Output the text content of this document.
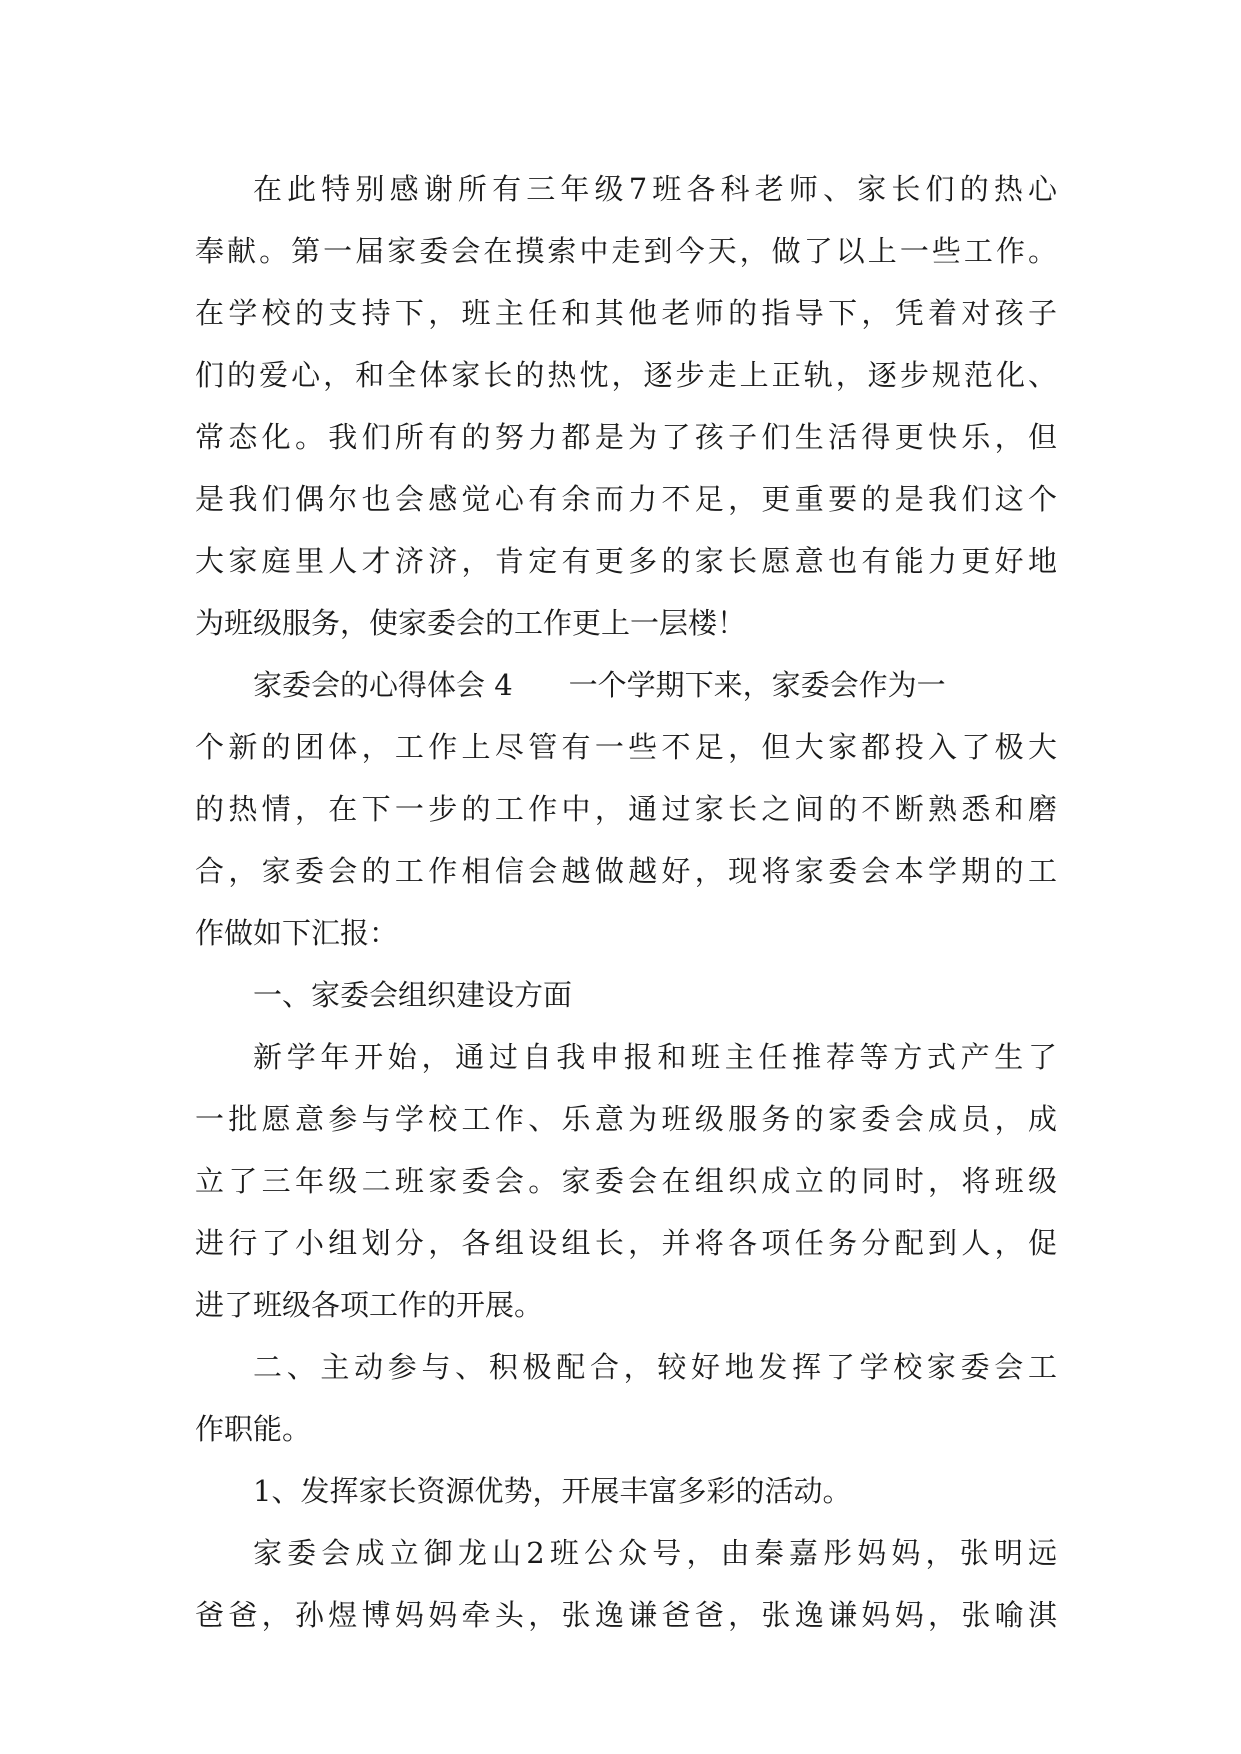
在此特别感谢所有三年级7班各科老师、家长们的热心
奉献。第一届家委会在摸索中走到今天，做了以上一些工作。
在学校的支持下，班主任和其他老师的指导下，凭着对孩子
们的爱心，和全体家长的热忱，逐步走上正轨，逐步规范化、
常态化。我们所有的努力都是为了孩子们生活得更快乐，但
是我们偶尔也会感觉心有余而力不足，更重要的是我们这个
大家庭里人才济济，肯定有更多的家长愿意也有能力更好地
为班级服务，使家委会的工作更上一层楼！
家委会的心得体会 4 一个学期下来，家委会作为一
个新的团体，工作上尽管有一些不足，但大家都投入了极大
的热情，在下一步的工作中，通过家长之间的不断熟悉和磨
合，家委会的工作相信会越做越好，现将家委会本学期的工
作做如下汇报：
一、家委会组织建设方面
新学年开始，通过自我申报和班主任推荐等方式产生了
一批愿意参与学校工作、乐意为班级服务的家委会成员，成
立了三年级二班家委会。家委会在组织成立的同时，将班级
进行了小组划分，各组设组长，并将各项任务分配到人，促
进了班级各项工作的开展。
二、主动参与、积极配合，较好地发挥了学校家委会工
作职能。
1、发挥家长资源优势，开展丰富多彩的活动。
家委会成立御龙山2班公众号，由秦嘉彤妈妈，张明远
爸爸，孙煜博妈妈牵头，张逸谦爸爸，张逸谦妈妈，张喻淇
